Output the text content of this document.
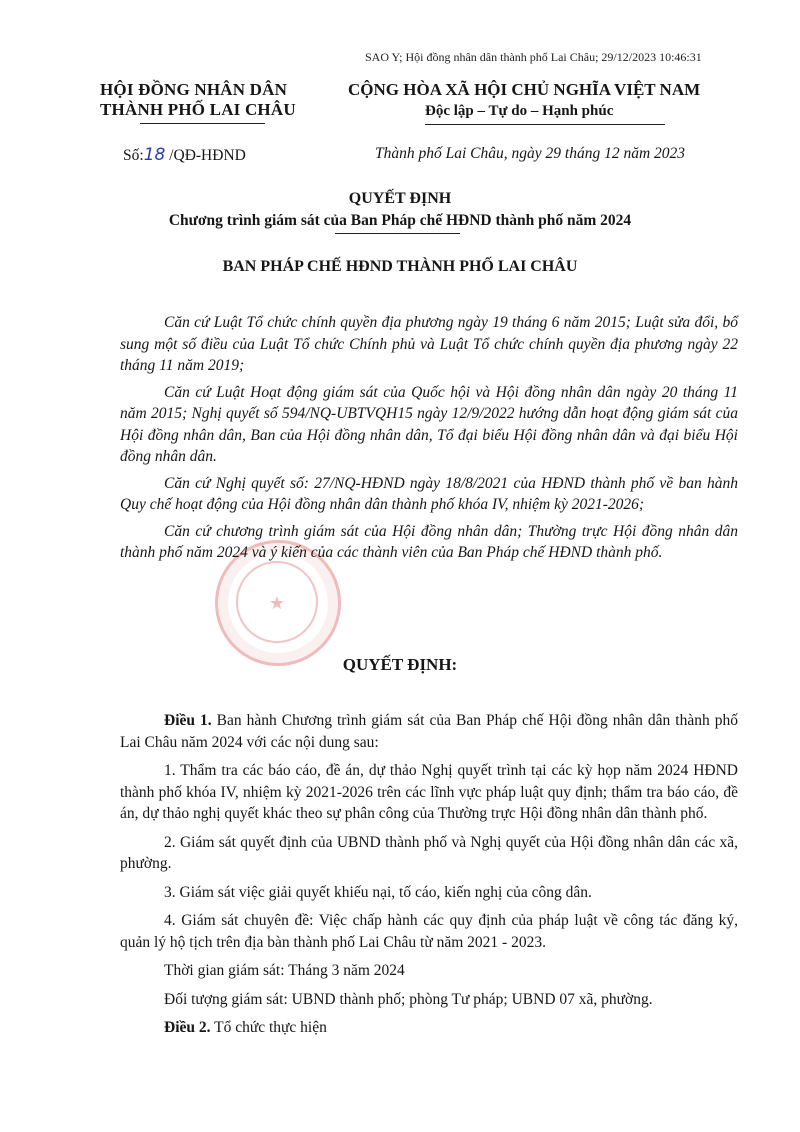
SAO Y; Hội đồng nhân dân thành phố Lai Châu; 29/12/2023 10:46:31
HỘI ĐỒNG NHÂN DÂN
THÀNH PHỐ LAI CHÂU
CỘNG HÒA XÃ HỘI CHỦ NGHĨA VIỆT NAM
Độc lập – Tự do – Hạnh phúc
Số:18 /QĐ-HĐND	Thành phố Lai Châu, ngày 29 tháng 12 năm 2023
QUYẾT ĐỊNH
Chương trình giám sát của Ban Pháp chế HĐND thành phố năm 2024
BAN PHÁP CHẾ HĐND THÀNH PHỐ LAI CHÂU
★

Căn cứ Luật Tổ chức chính quyền địa phương ngày 19 tháng 6 năm 2015; Luật sửa đổi, bổ sung một số điều của Luật Tổ chức Chính phủ và Luật Tổ chức chính quyền địa phương ngày 22 tháng 11 năm 2019;

Căn cứ Luật Hoạt động giám sát của Quốc hội và Hội đồng nhân dân ngày 20 tháng 11 năm 2015; Nghị quyết số 594/NQ-UBTVQH15 ngày 12/9/2022 hướng dẫn hoạt động giám sát của Hội đồng nhân dân, Ban của Hội đồng nhân dân, Tổ đại biểu Hội đồng nhân dân và đại biểu Hội đồng nhân dân.

Căn cứ Nghị quyết số: 27/NQ-HĐND ngày 18/8/2021 của HĐND thành phố về ban hành Quy chế hoạt động của Hội đồng nhân dân thành phố khóa IV, nhiệm kỳ 2021-2026;

Căn cứ chương trình giám sát của Hội đồng nhân dân; Thường trực Hội đồng nhân dân thành phố năm 2024 và ý kiến của các thành viên của Ban Pháp chế HĐND thành phố.

QUYẾT ĐỊNH:

Điều 1. Ban hành Chương trình giám sát của Ban Pháp chế Hội đồng nhân dân thành phố Lai Châu năm 2024 với các nội dung sau:

1. Thẩm tra các báo cáo, đề án, dự thảo Nghị quyết trình tại các kỳ họp năm 2024 HĐND thành phố khóa IV, nhiệm kỳ 2021-2026 trên các lĩnh vực pháp luật quy định; thẩm tra báo cáo, đề án, dự thảo nghị quyết khác theo sự phân công của Thường trực Hội đồng nhân dân thành phố.

2. Giám sát quyết định của UBND thành phố và Nghị quyết của Hội đồng nhân dân các xã, phường.

3. Giám sát việc giải quyết khiếu nại, tố cáo, kiến nghị của công dân.

4. Giám sát chuyên đề: Việc chấp hành các quy định của pháp luật về công tác đăng ký, quản lý hộ tịch trên địa bàn thành phố Lai Châu từ năm 2021 - 2023.

Thời gian giám sát: Tháng 3 năm 2024

Đối tượng giám sát: UBND thành phố; phòng Tư pháp; UBND 07 xã, phường.

Điều 2. Tổ chức thực hiện
